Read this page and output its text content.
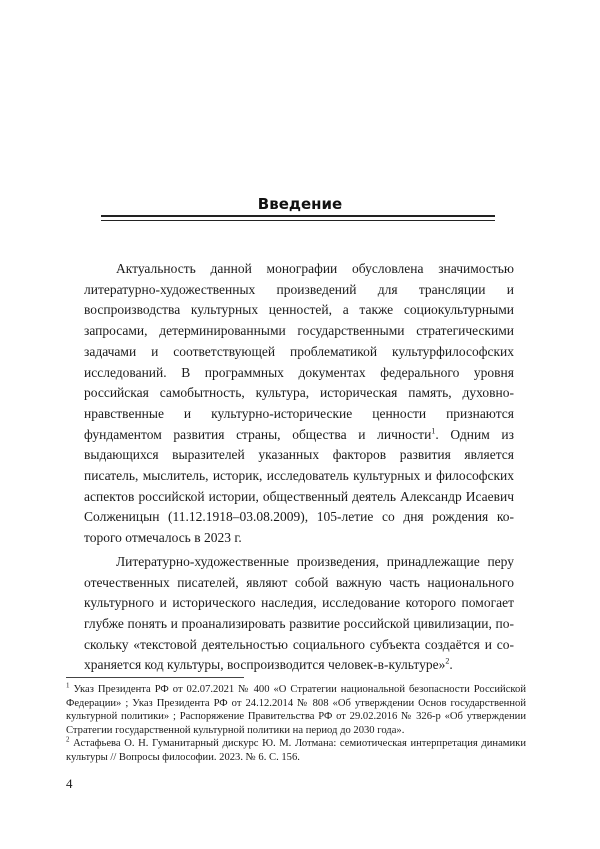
Введение

Актуальность данной монографии обусловлена значимостью литературно-художественных произведений для трансляции и воспроизводства культурных ценностей, а также социокультурными запросами, детерминированными государственными стратегическими задачами и соответствующей проблематикой культурфилософских исследований. В программных документах федерального уровня российская самобытность, культура, историческая память, духовно-нравственные и культурно-исторические ценности признаются фундаментом развития страны, общества и личности$^1$. Одним из выдающихся выразителей указанных факторов развития является писатель, мыслитель, историк, исследователь культурных и философских аспектов российской истории, общественный деятель Александр Исаевич Солженицын (11.12.1918–03.08.2009), 105-летие со дня рождения которого отмечалось в 2023 г.

Литературно-художественные произведения, принадлежащие перу отечественных писателей, являют собой важную часть национального культурного и исторического наследия, исследование которого помогает глубже понять и проанализировать развитие российской цивилизации, поскольку «текстовой деятельностью социального субъекта создаётся и сохраняется код культуры, воспроизводится человек-в-культуре»$^2$.

$^1$ Указ Президента РФ от 02.07.2021 № 400 «О Стратегии национальной безопасности Российской Федерации» ; Указ Президента РФ от 24.12.2014 № 808 «Об утверждении Основ государственной культурной политики» ; Распоряжение Правительства РФ от 29.02.2016 № 326-р «Об утверждении Стратегии государственной культурной политики на период до 2030 года».

$^2$ Астафьева О. Н. Гуманитарный дискурс Ю. М. Лотмана: семиотическая интерпретация динамики культуры // Вопросы философии. 2023. № 6. С. 156.

4
